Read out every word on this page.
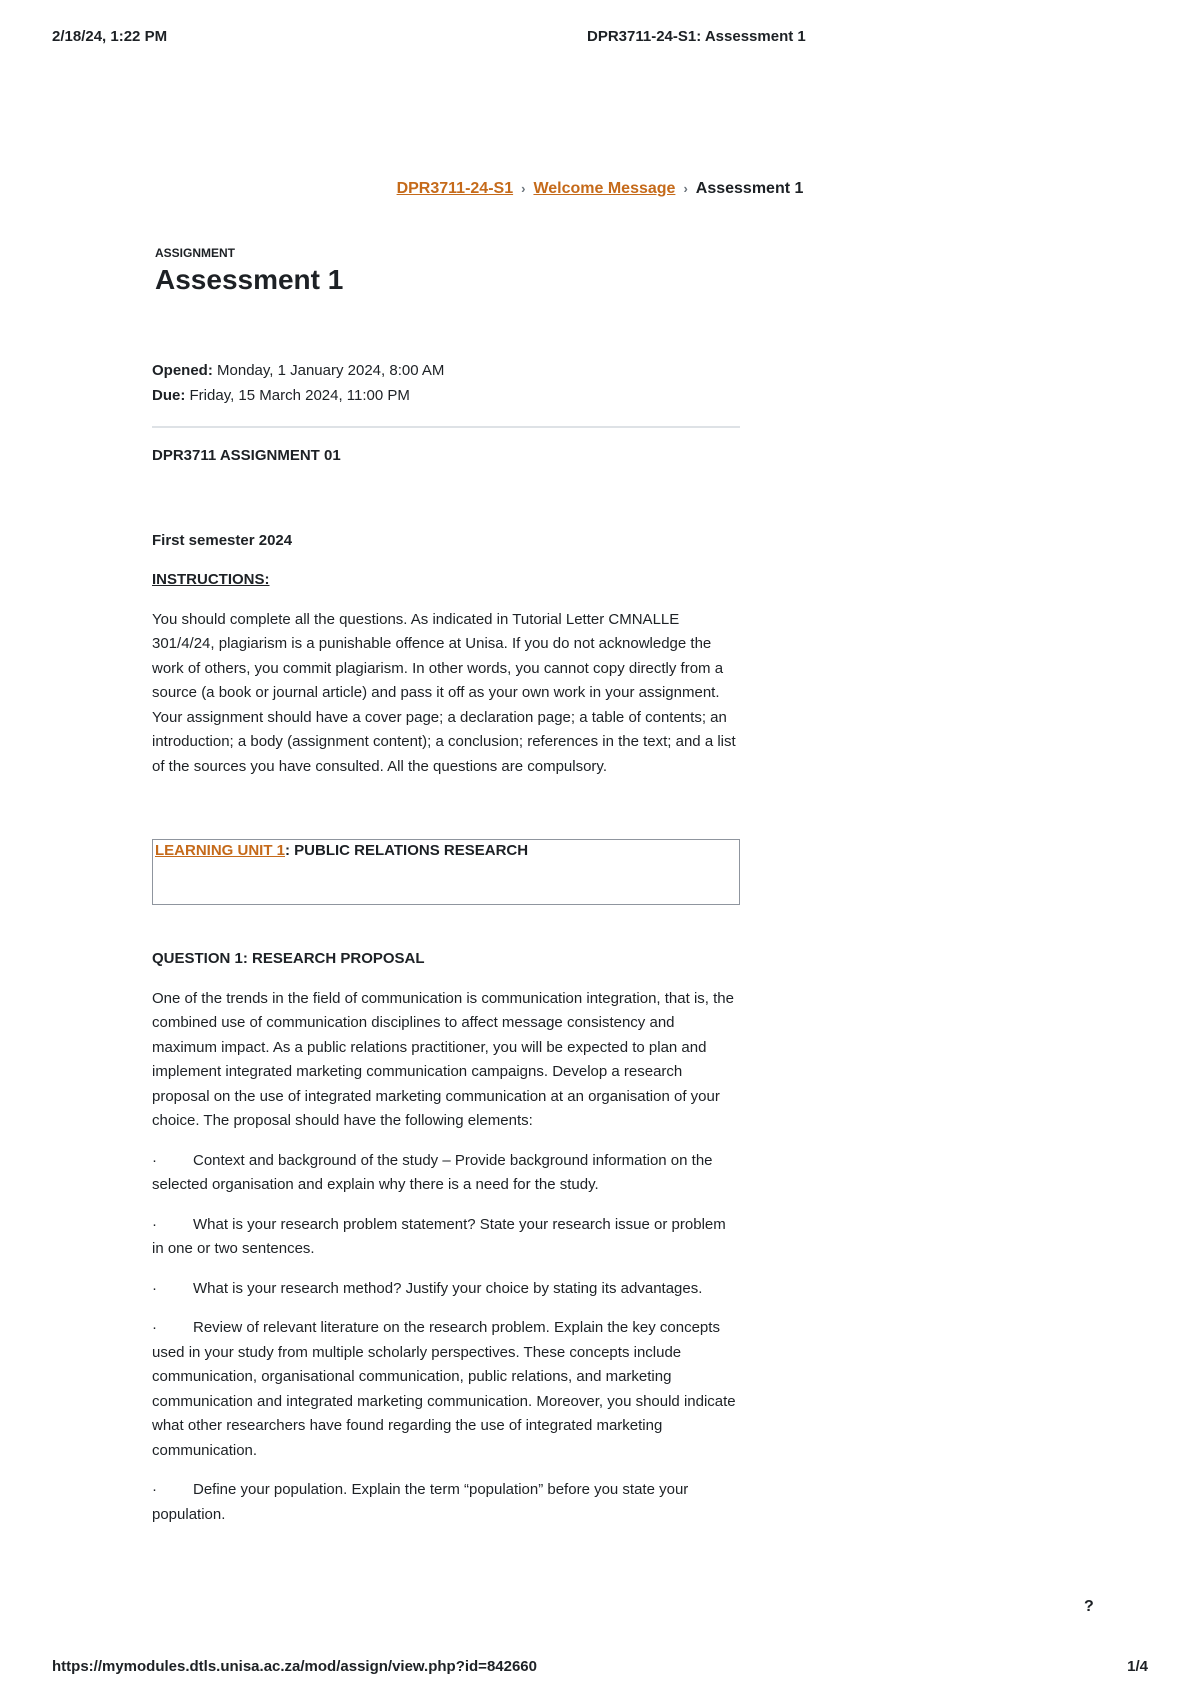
2/18/24, 1:22 PM	DPR3711-24-S1: Assessment 1
DPR3711-24-S1 › Welcome Message › Assessment 1
ASSIGNMENT
Assessment 1
Opened: Monday, 1 January 2024, 8:00 AM
Due: Friday, 15 March 2024, 11:00 PM

DPR3711 ASSIGNMENT 01

First semester 2024

INSTRUCTIONS:

You should complete all the questions. As indicated in Tutorial Letter CMNALLE 301/4/24, plagiarism is a punishable offence at Unisa. If you do not acknowledge the work of others, you commit plagiarism. In other words, you cannot copy directly from a source (a book or journal article) and pass it off as your own work in your assignment. Your assignment should have a cover page; a declaration page; a table of contents; an introduction; a body (assignment content); a conclusion; references in the text; and a list of the sources you have consulted. All the questions are compulsory.

LEARNING UNIT 1: PUBLIC RELATIONS RESEARCH

QUESTION 1: RESEARCH PROPOSAL

One of the trends in the field of communication is communication integration, that is, the combined use of communication disciplines to affect message consistency and maximum impact. As a public relations practitioner, you will be expected to plan and implement integrated marketing communication campaigns. Develop a research proposal on the use of integrated marketing communication at an organisation of your choice. The proposal should have the following elements:

· Context and background of the study – Provide background information on the selected organisation and explain why there is a need for the study.

· What is your research problem statement? State your research issue or problem in one or two sentences.

· What is your research method? Justify your choice by stating its advantages.

· Review of relevant literature on the research problem. Explain the key concepts used in your study from multiple scholarly perspectives. These concepts include communication, organisational communication, public relations, and marketing communication and integrated marketing communication. Moreover, you should indicate what other researchers have found regarding the use of integrated marketing communication.

· Define your population. Explain the term “population” before you state your population.

?
https://mymodules.dtls.unisa.ac.za/mod/assign/view.php?id=842660	1/4
